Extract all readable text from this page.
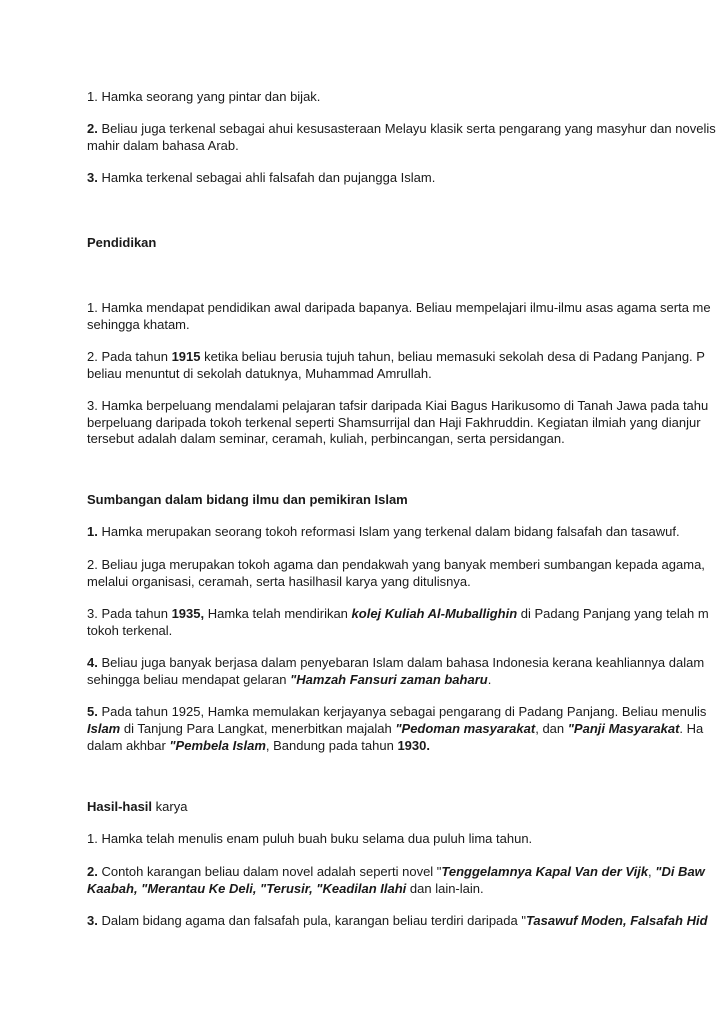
1. Hamka seorang yang pintar dan bijak.
2. Beliau juga terkenal sebagai ahui kesusasteraan Melayu klasik serta pengarang yang masyhur dan novelis
mahir dalam bahasa Arab.
3. Hamka terkenal sebagai ahli falsafah dan pujangga Islam.
Pendidikan
1. Hamka mendapat pendidikan awal daripada bapanya. Beliau mempelajari ilmu-ilmu asas agama serta me
sehingga khatam.
2. Pada tahun 1915 ketika beliau berusia tujuh tahun, beliau memasuki sekolah desa di Padang Panjang. P
beliau menuntut di sekolah datuknya, Muhammad Amrullah.
3. Hamka berpeluang mendalami pelajaran tafsir daripada Kiai Bagus Harikusomo di Tanah Jawa pada tahu
berpeluang daripada tokoh terkenal seperti Shamsurrijal dan Haji Fakhruddin. Kegiatan ilmiah yang dianjur
tersebut adalah dalam seminar, ceramah, kuliah, perbincangan, serta persidangan.
Sumbangan dalam bidang ilmu dan pemikiran Islam
1. Hamka merupakan seorang tokoh reformasi Islam yang terkenal dalam bidang falsafah dan tasawuf.
2. Beliau juga merupakan tokoh agama dan pendakwah yang banyak memberi sumbangan kepada agama,
melalui organisasi, ceramah, serta hasilhasil karya yang ditulisnya.
3. Pada tahun 1935, Hamka telah mendirikan kolej Kuliah Al-Muballighin di Padang Panjang yang telah m
tokoh terkenal.
4. Beliau juga banyak berjasa dalam penyebaran Islam dalam bahasa Indonesia kerana keahliannya dalam
sehingga beliau mendapat gelaran "Hamzah Fansuri zaman baharu.
5. Pada tahun 1925, Hamka memulakan kerjayanya sebagai pengarang di Padang Panjang. Beliau menulis
Islam di Tanjung Para Langkat, menerbitkan majalah "Pedoman masyarakat, dan "Panji Masyarakat. Ha
dalam akhbar "Pembela Islam, Bandung pada tahun 1930.
Hasil-hasil karya
1. Hamka telah menulis enam puluh buah buku selama dua puluh lima tahun.
2. Contoh karangan beliau dalam novel adalah seperti novel "Tenggelamnya Kapal Van der Vijk, "Di Baw
Kaabah, "Merantau Ke Deli, "Terusir, "Keadilan Ilahi dan lain-lain.
3. Dalam bidang agama dan falsafah pula, karangan beliau terdiri daripada "Tasawuf Moden, Falsafah Hid
